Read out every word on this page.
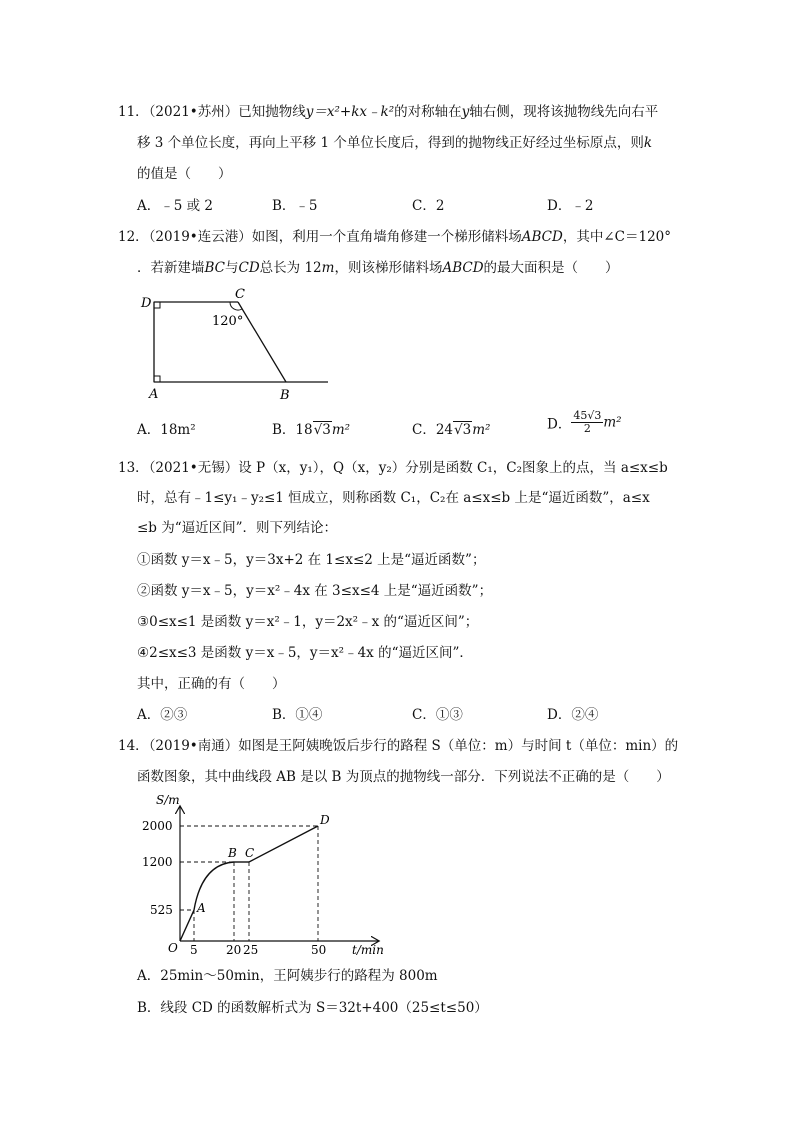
11．（2021•苏州）已知抛物线y＝x²+kx﹣k²的对称轴在y轴右侧，现将该抛物线先向右平
移 3 个单位长度，再向上平移 1 个单位长度后，得到的抛物线正好经过坐标原点，则k
的值是（　　）
A．﹣5 或 2	B．﹣5	C．2	D．﹣2
12．（2019•连云港）如图，利用一个直角墙角修建一个梯形储料场ABCD，其中∠C＝120°
．若新建墙BC与CD总长为 12m，则该梯形储料场ABCD的最大面积是（　　）
D
C
120°
A	B
A．18m²	B．18√3m²	C．24√3m²	D． $\frac{45√3}{2} m^2$
13．（2021•无锡）设 P（x，y₁），Q（x，y₂）分别是函数 C₁，C₂图象上的点，当 a≤x≤b
时，总有﹣1≤y₁﹣y₂≤1 恒成立，则称函数 C₁，C₂在 a≤x≤b 上是“逼近函数”，a≤x
≤b 为“逼近区间”．则下列结论：
①函数 y＝x﹣5，y＝3x+2 在 1≤x≤2 上是“逼近函数”；
②函数 y＝x﹣5，y＝x²﹣4x 在 3≤x≤4 上是“逼近函数”；
③0≤x≤1 是函数 y＝x²﹣1，y＝2x²﹣x 的“逼近区间”；
④2≤x≤3 是函数 y＝x﹣5，y＝x²﹣4x 的“逼近区间”．
其中，正确的有（　　）
A．②③	B．①④	C．①③	D．②④
14．（2019•南通）如图是王阿姨晚饭后步行的路程 S（单位：m）与时间 t（单位：min）的
函数图象，其中曲线段 AB 是以 B 为顶点的抛物线一部分．下列说法不正确的是（　　）
S/m
t/min
O
2000
1200
525
5 20 25	50
A
B C
D
A．25min～50min，王阿姨步行的路程为 800m
B．线段 CD 的函数解析式为 S＝32t+400（25≤t≤50）
